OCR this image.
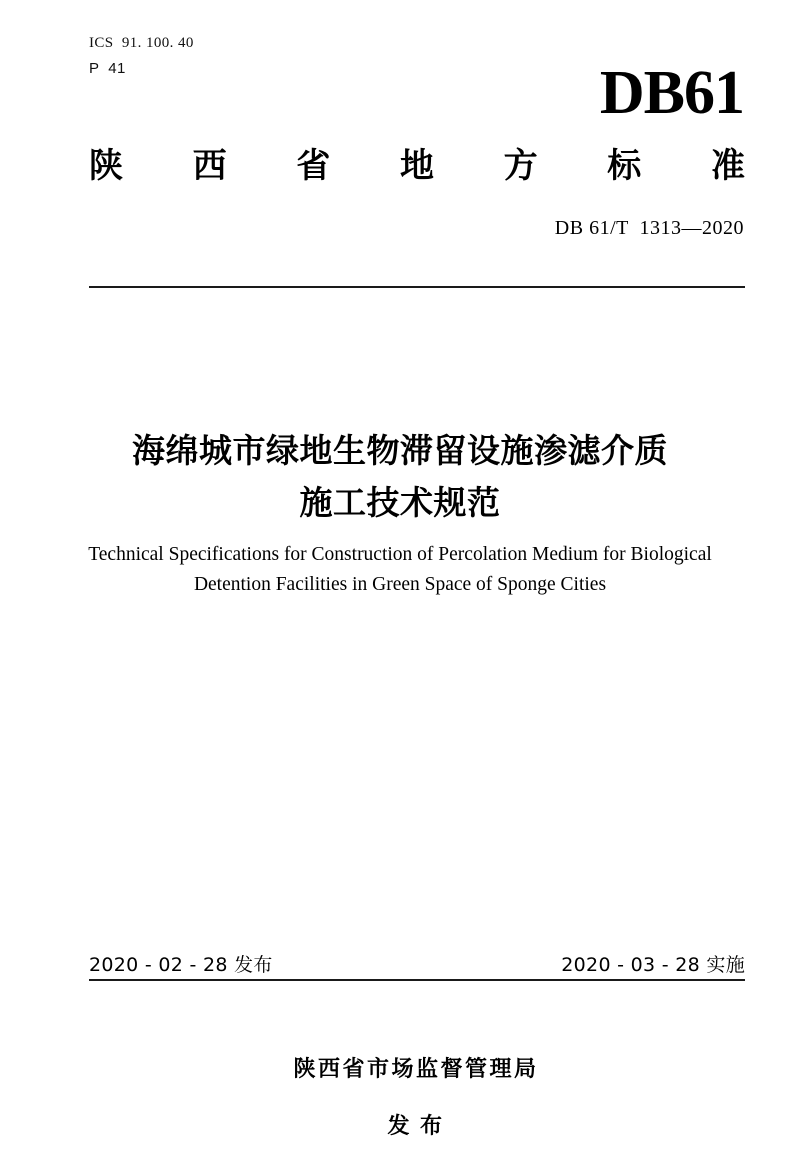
ICS  91. 100. 40
P  41	DB61
陕 西 省 地 方 标 准
DB 61/T  1313—2020
海绵城市绿地生物滞留设施渗滤介质
施工技术规范
Technical Specifications for Construction of Percolation Medium for Biological
Detention Facilities in Green Space of Sponge Cities
2020 - 02 - 28 发布	2020 - 03 - 28 实施

陕西省市场监督管理局

发 布
